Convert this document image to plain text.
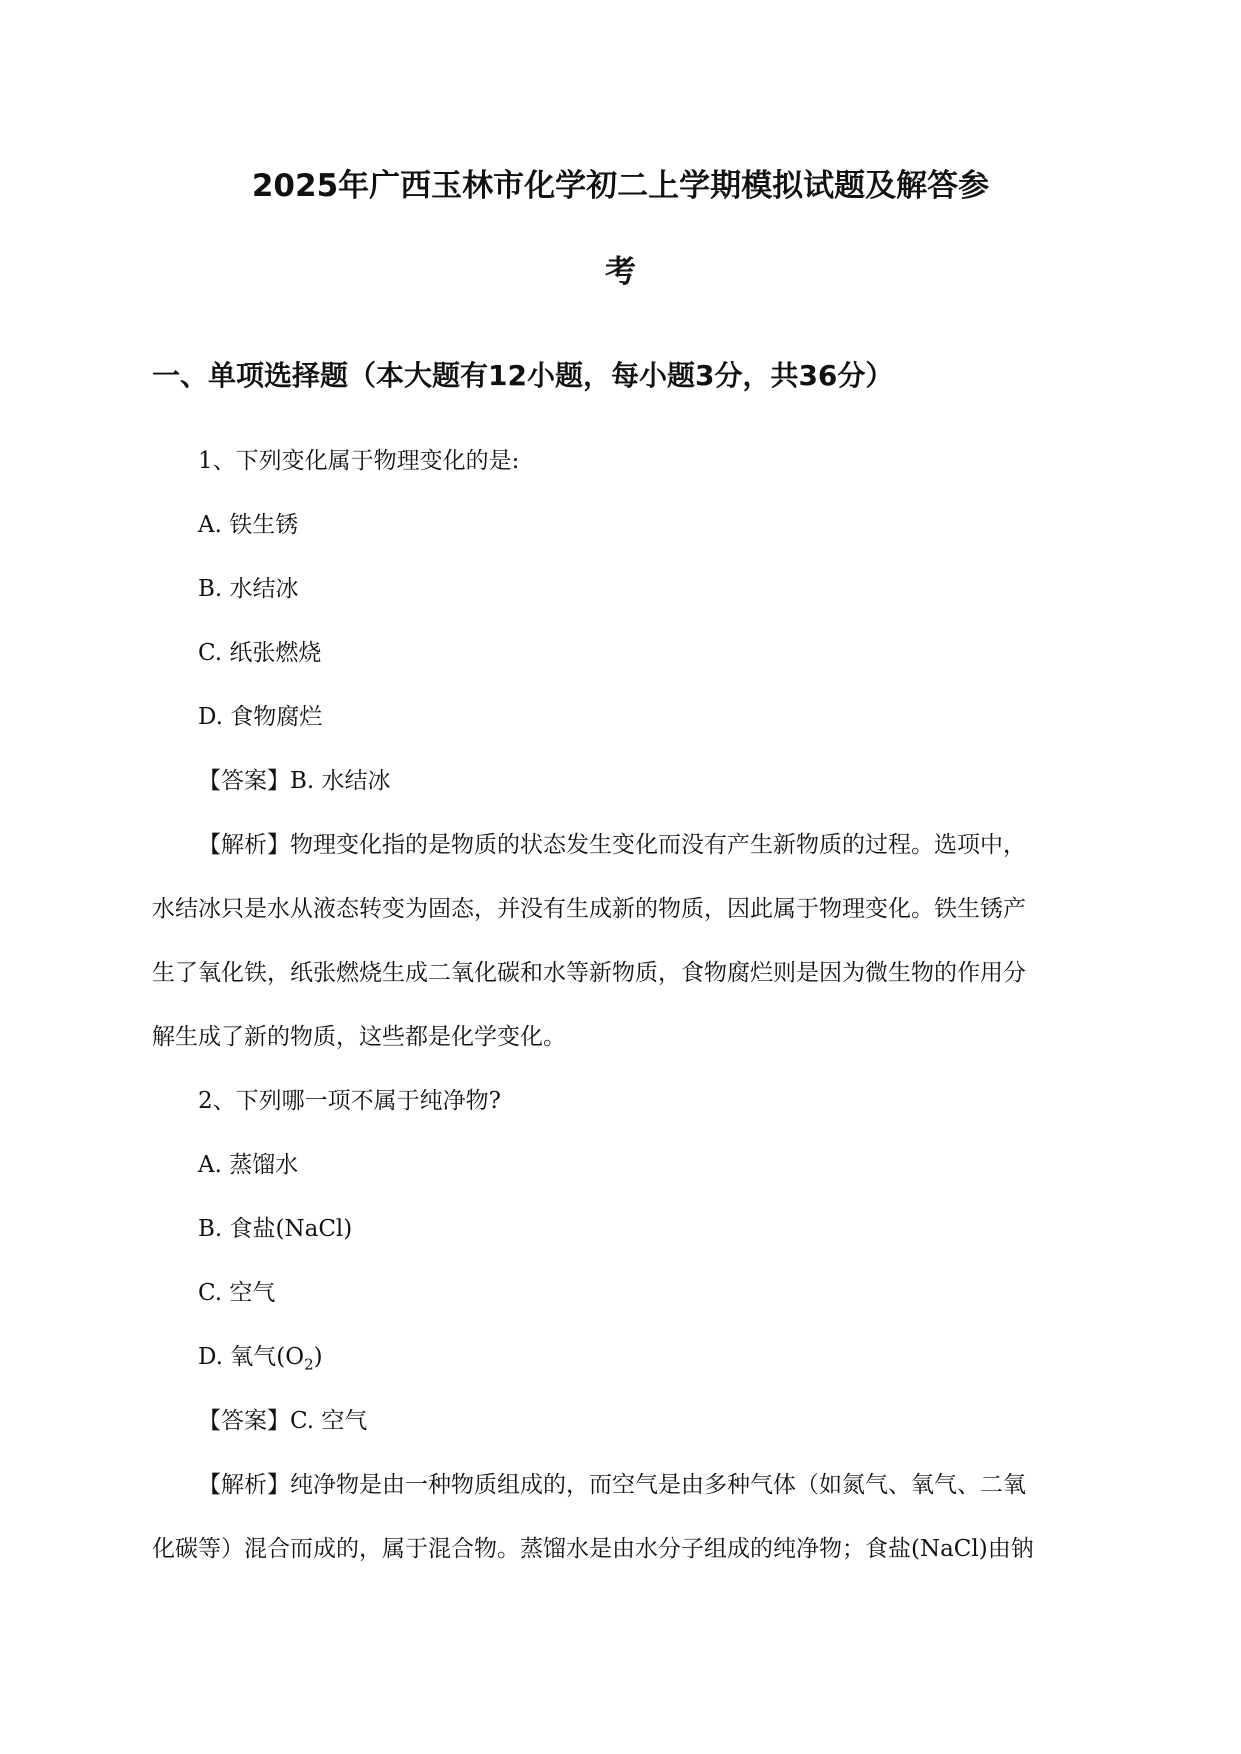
2025年广西玉林市化学初二上学期模拟试题及解答参
考
一、单项选择题（本大题有12小题，每小题3分，共36分）
1、下列变化属于物理变化的是:
A. 铁生锈
B. 水结冰
C. 纸张燃烧
D. 食物腐烂
【答案】B. 水结冰
【解析】物理变化指的是物质的状态发生变化而没有产生新物质的过程。选项中，
水结冰只是水从液态转变为固态，并没有生成新的物质，因此属于物理变化。铁生锈产
生了氧化铁，纸张燃烧生成二氧化碳和水等新物质，食物腐烂则是因为微生物的作用分
解生成了新的物质，这些都是化学变化。
2、下列哪一项不属于纯净物?
A. 蒸馏水
B. 食盐(NaCl)
C. 空气
D. 氧气$(O_2)$
【答案】C. 空气
【解析】纯净物是由一种物质组成的，而空气是由多种气体（如氮气、氧气、二氧
化碳等）混合而成的，属于混合物。蒸馏水是由水分子组成的纯净物；食盐(NaCl)由钠
